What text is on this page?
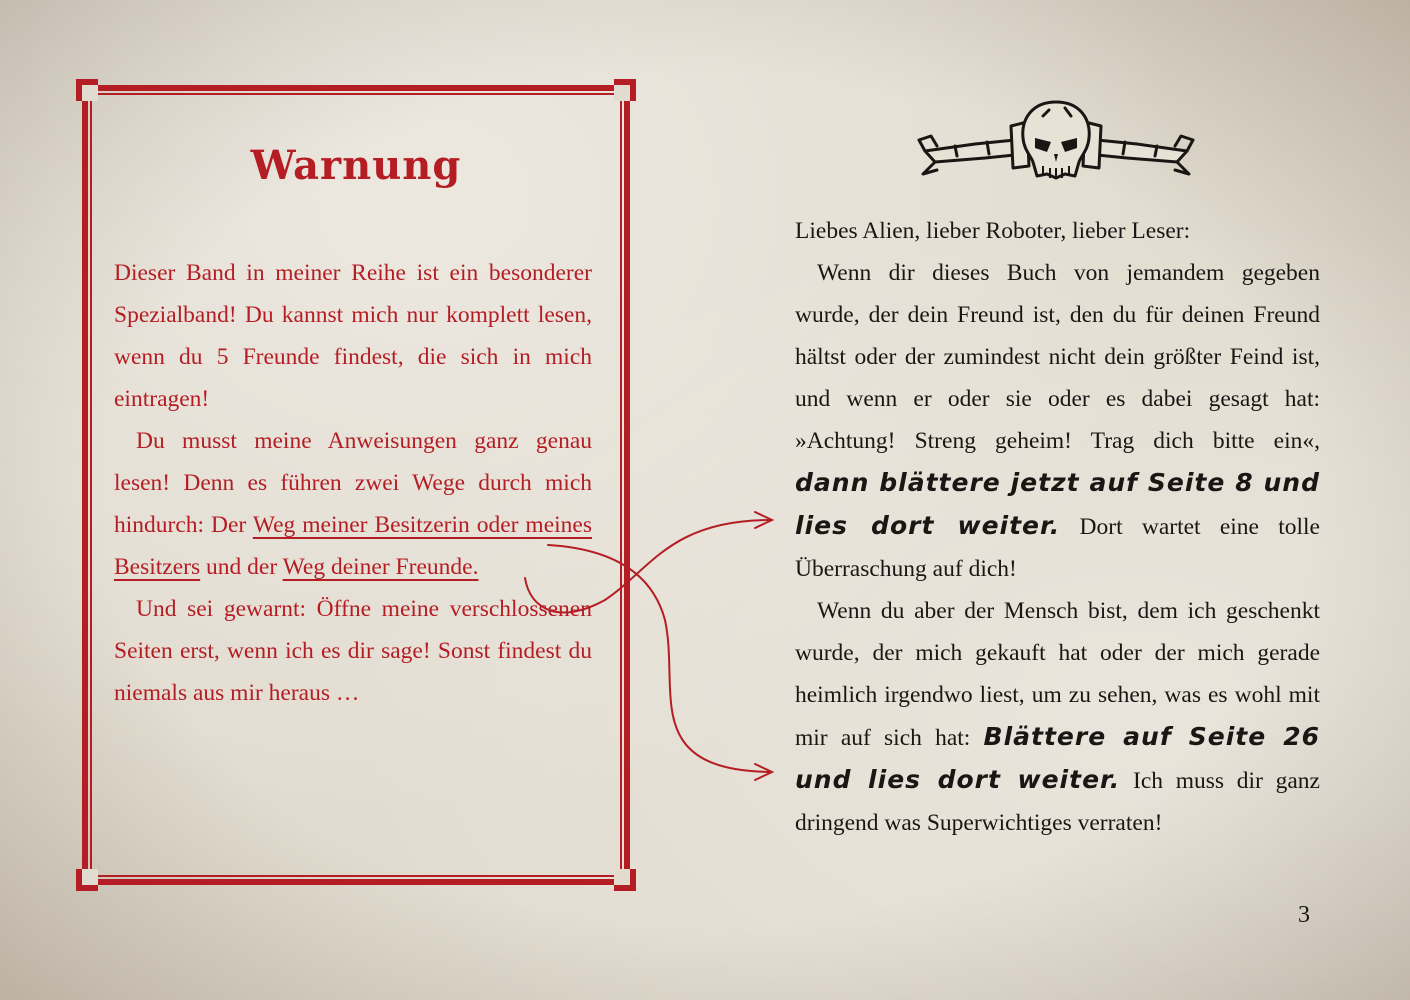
Warnung

Dieser Band in meiner Reihe ist ein besonderer Spezialband! Du kannst mich nur komplett lesen, wenn du 5 Freunde findest, die sich in mich eintragen!

Du musst meine Anweisungen ganz genau lesen! Denn es führen zwei Wege durch mich hindurch: Der Weg meiner Besitzerin oder meines Besitzers und der Weg deiner Freunde.

Und sei gewarnt: Öffne meine verschlossenen Seiten erst, wenn ich es dir sage! Sonst findest du niemals aus mir heraus …

Liebes Alien, lieber Roboter, lieber Leser:

Wenn dir dieses Buch von jemandem gegeben wurde, der dein Freund ist, den du für deinen Freund hältst oder der zumindest nicht dein größter Feind ist, und wenn er oder sie oder es dabei gesagt hat: »Achtung! Streng geheim! Trag dich bitte ein«, dann blättere jetzt auf Seite 8 und lies dort weiter. Dort wartet eine tolle Überraschung auf dich!

Wenn du aber der Mensch bist, dem ich geschenkt wurde, der mich gekauft hat oder der mich gerade heimlich irgendwo liest, um zu sehen, was es wohl mit mir auf sich hat: Blättere auf Seite 26 und lies dort weiter. Ich muss dir ganz dringend was Superwichtiges verraten!

3
